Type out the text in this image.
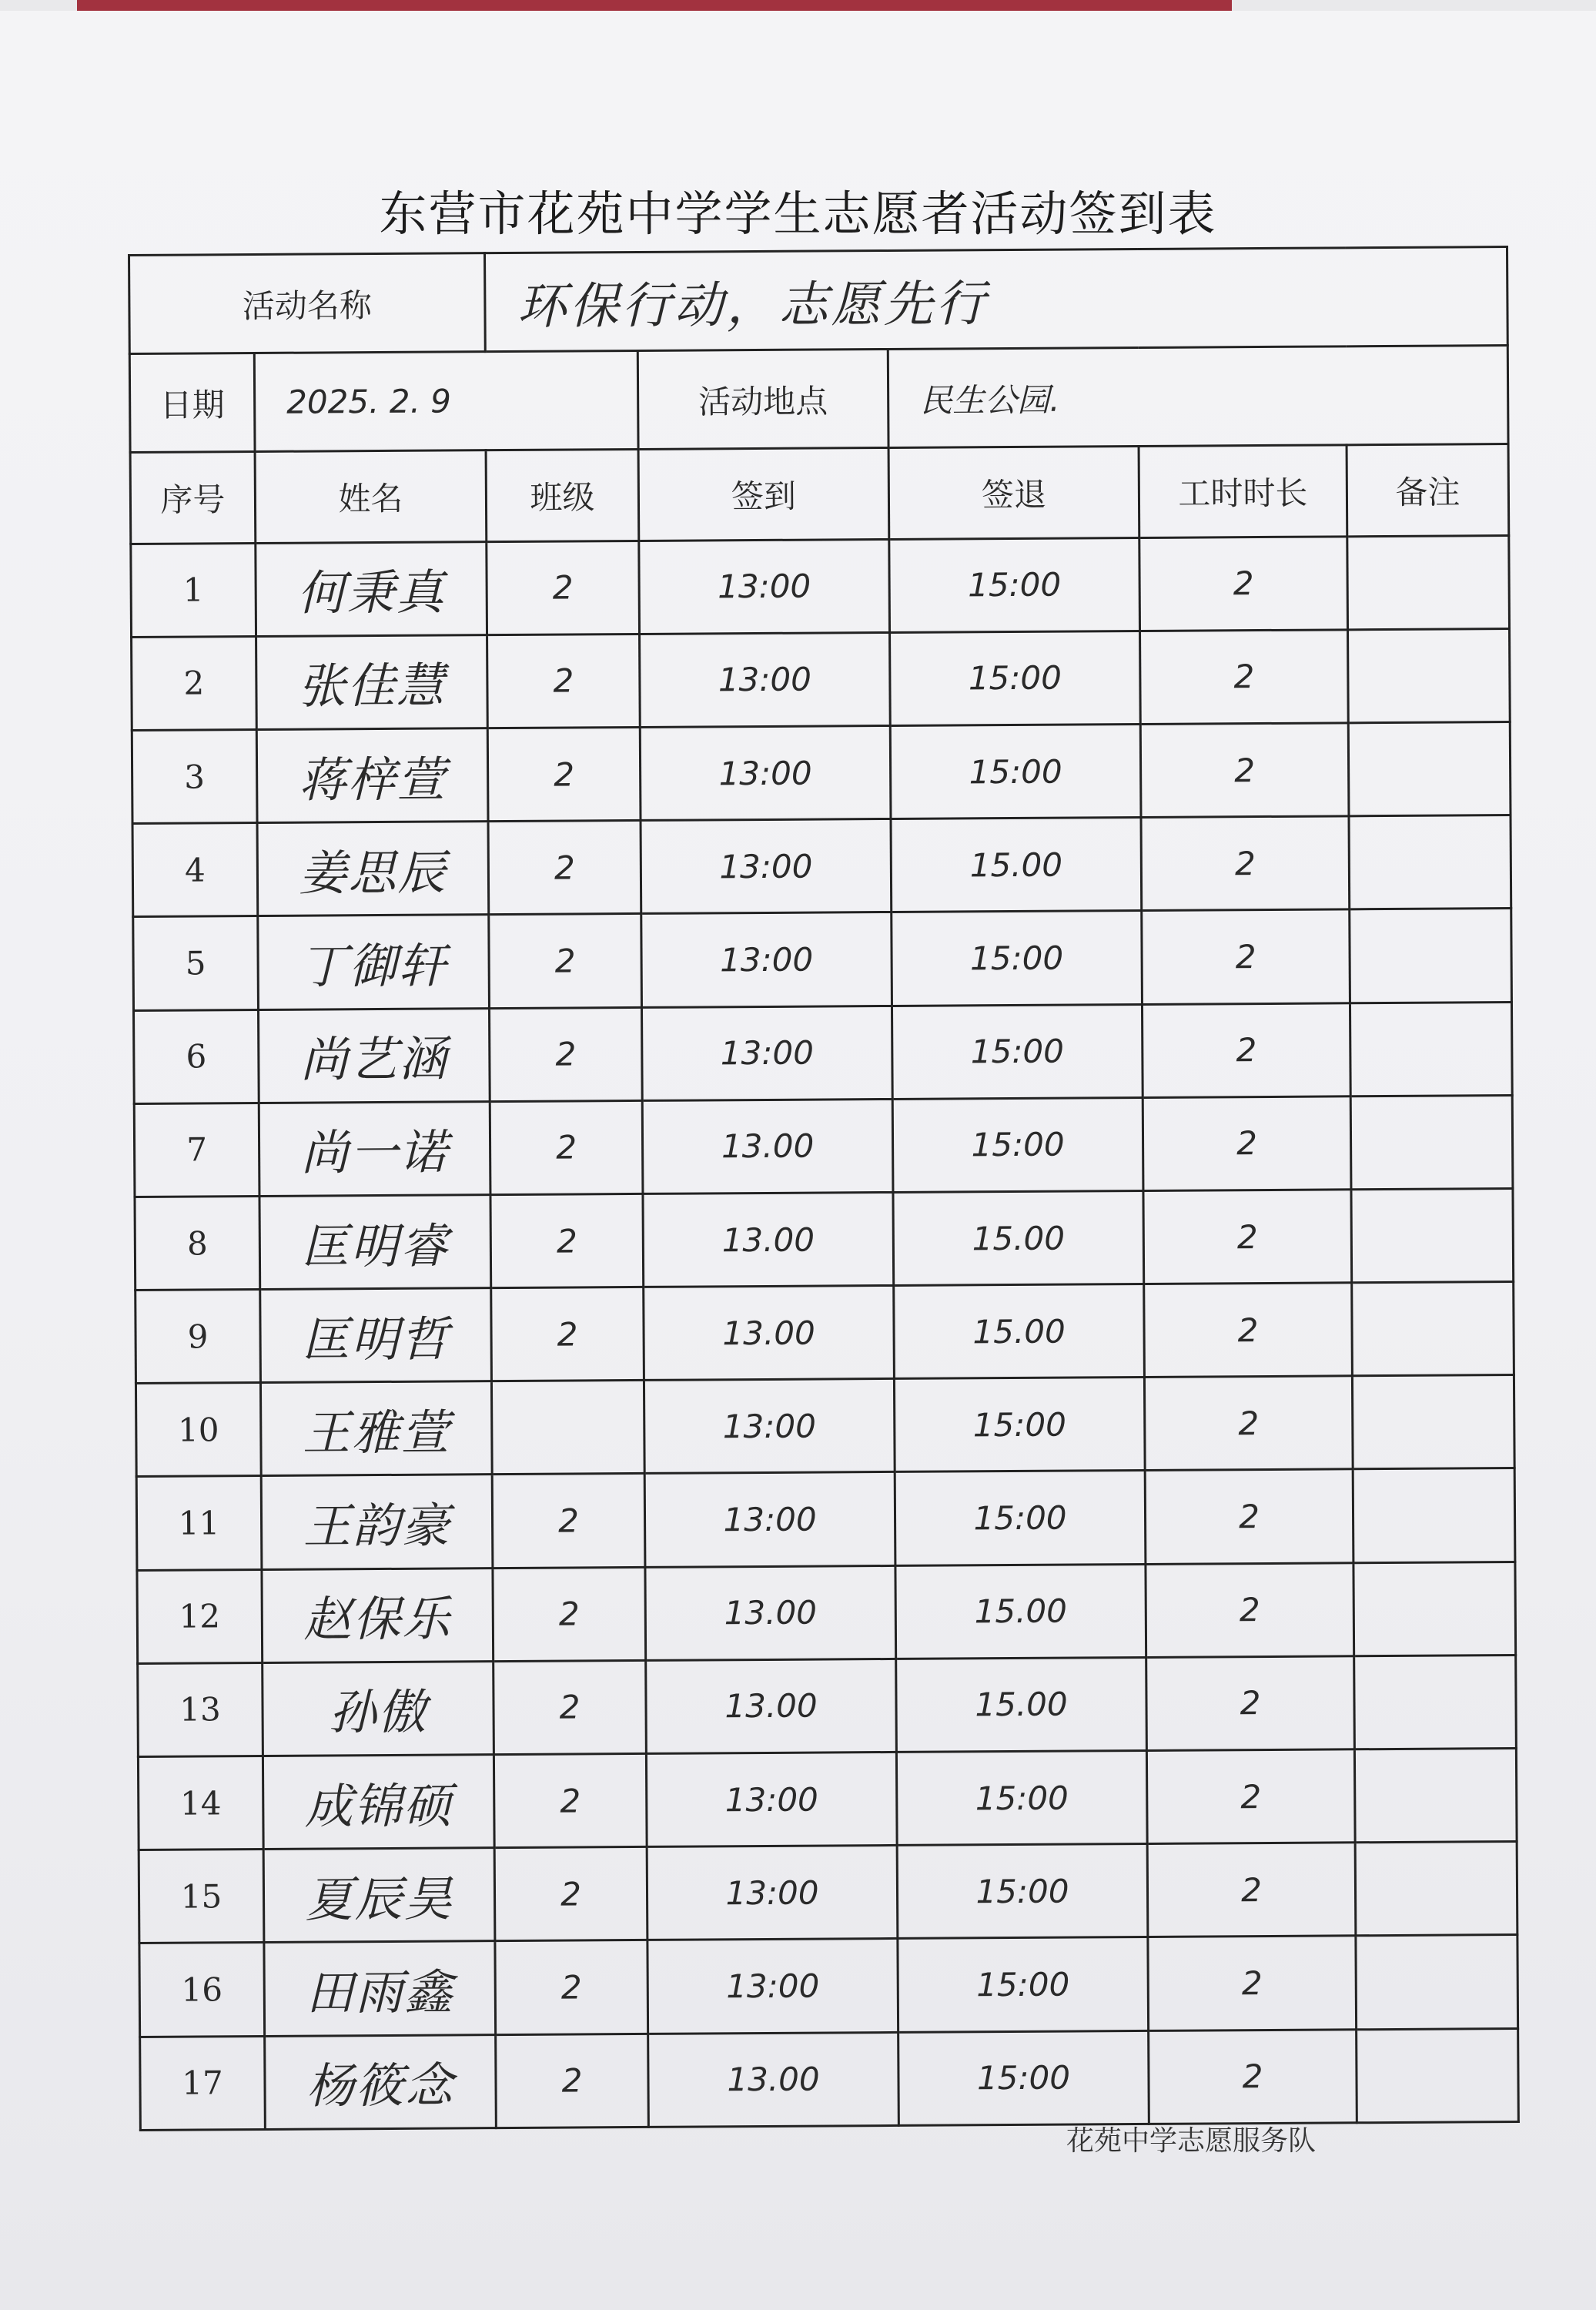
东营市花苑中学学生志愿者活动签到表
活动名称		环保行动，志愿先行				
日期	2025. 2. 9		活动地点	民生公园.		
序号	姓名	班级	签到	签退	工时时长	备注
1	何秉真	2	13:00	15:00	2	
2	张佳慧	2	13:00	15:00	2	
3	蒋梓萱	2	13:00	15:00	2	
4	姜思辰	2	13:00	15.00	2	
5	丁御轩	2	13:00	15:00	2	
6	尚艺涵	2	13:00	15:00	2	
7	尚一诺	2	13.00	15:00	2	
8	匡明睿	2	13.00	15.00	2	
9	匡明哲	2	13.00	15.00	2	
10	王雅萱		13:00	15:00	2	
11	王韵豪	2	13:00	15:00	2	
12	赵保乐	2	13.00	15.00	2	
13	孙傲	2	13.00	15.00	2	
14	成锦硕	2	13:00	15:00	2	
15	夏辰昊	2	13:00	15:00	2	
16	田雨鑫	2	13:00	15:00	2	
17	杨筱念	2	13.00	15:00	2	
花苑中学志愿服务队
